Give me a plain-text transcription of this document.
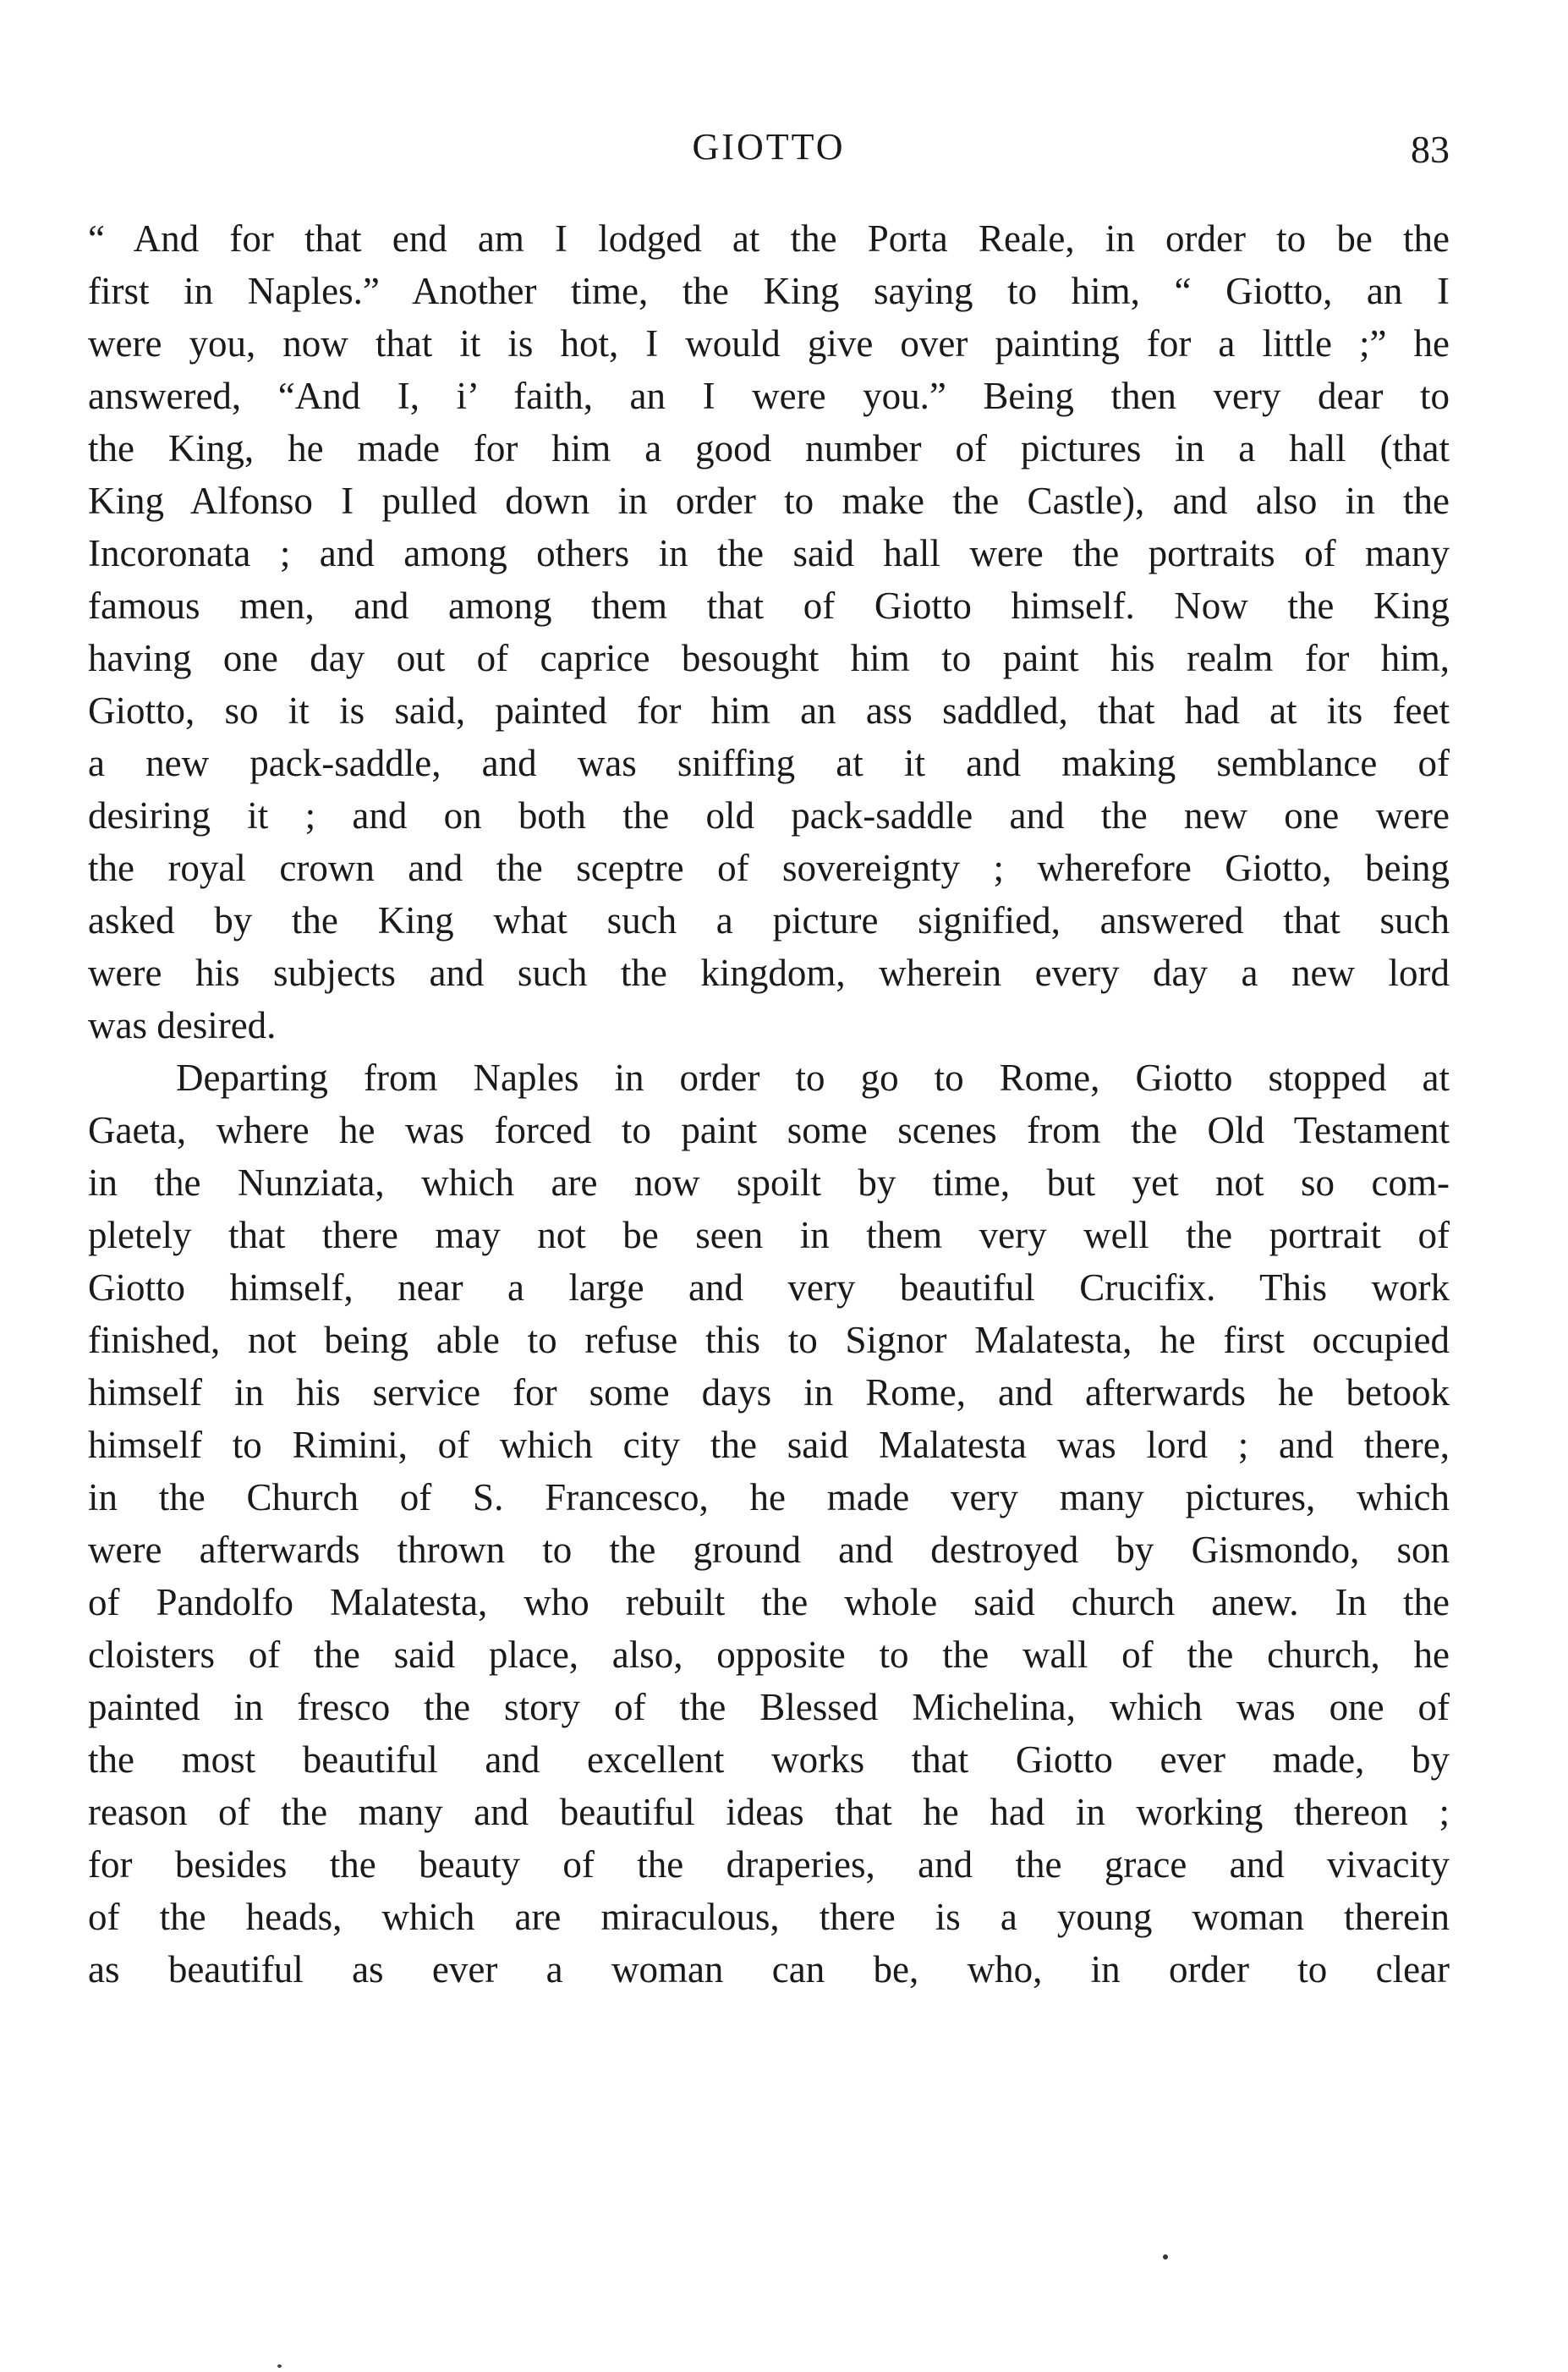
GIOTTO	83
“ And for that end am I lodged at the Porta Reale, in order to be the
first in Naples.” Another time, the King saying to him, “ Giotto, an I
were you, now that it is hot, I would give over painting for a little ;” he
answered, “And I, i’ faith, an I were you.” Being then very dear to
the King, he made for him a good number of pictures in a hall (that
King Alfonso I pulled down in order to make the Castle), and also in the
Incoronata ; and among others in the said hall were the portraits of many
famous men, and among them that of Giotto himself. Now the King
having one day out of caprice besought him to paint his realm for him,
Giotto, so it is said, painted for him an ass saddled, that had at its feet
a new pack-saddle, and was sniffing at it and making semblance of
desiring it ; and on both the old pack-saddle and the new one were
the royal crown and the sceptre of sovereignty ; wherefore Giotto, being
asked by the King what such a picture signified, answered that such
were his subjects and such the kingdom, wherein every day a new lord
was desired.
Departing from Naples in order to go to Rome, Giotto stopped at
Gaeta, where he was forced to paint some scenes from the Old Testament
in the Nunziata, which are now spoilt by time, but yet not so com-
pletely that there may not be seen in them very well the portrait of
Giotto himself, near a large and very beautiful Crucifix. This work
finished, not being able to refuse this to Signor Malatesta, he first occupied
himself in his service for some days in Rome, and afterwards he betook
himself to Rimini, of which city the said Malatesta was lord ; and there,
in the Church of S. Francesco, he made very many pictures, which
were afterwards thrown to the ground and destroyed by Gismondo, son
of Pandolfo Malatesta, who rebuilt the whole said church anew. In the
cloisters of the said place, also, opposite to the wall of the church, he
painted in fresco the story of the Blessed Michelina, which was one of
the most beautiful and excellent works that Giotto ever made, by
reason of the many and beautiful ideas that he had in working thereon ;
for besides the beauty of the draperies, and the grace and vivacity
of the heads, which are miraculous, there is a young woman therein
as beautiful as ever a woman can be, who, in order to clear
